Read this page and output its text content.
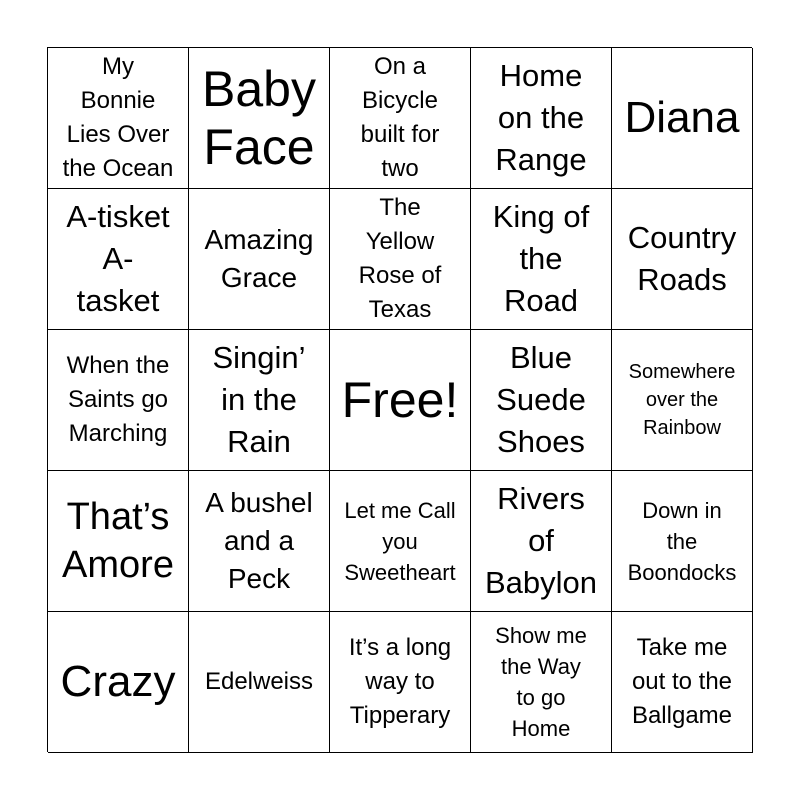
My
Bonnie
Lies Over
the Ocean
Baby
Face
On a
Bicycle
built for
two
Home
on the
Range
Diana
A-tisket
A-
tasket
Amazing
Grace
The
Yellow
Rose of
Texas
King of
the
Road
Country
Roads
When the
Saints go
Marching
Singin’
in the
Rain
Free!
Blue
Suede
Shoes
Somewhere
over the
Rainbow
That’s
Amore
A bushel
and a
Peck
Let me Call
you
Sweetheart
Rivers
of
Babylon
Down in
the
Boondocks
Crazy Edelweiss
It’s a long
way to
Tipperary
Show me
the Way
to go
Home
Take me
out to the
Ballgame
